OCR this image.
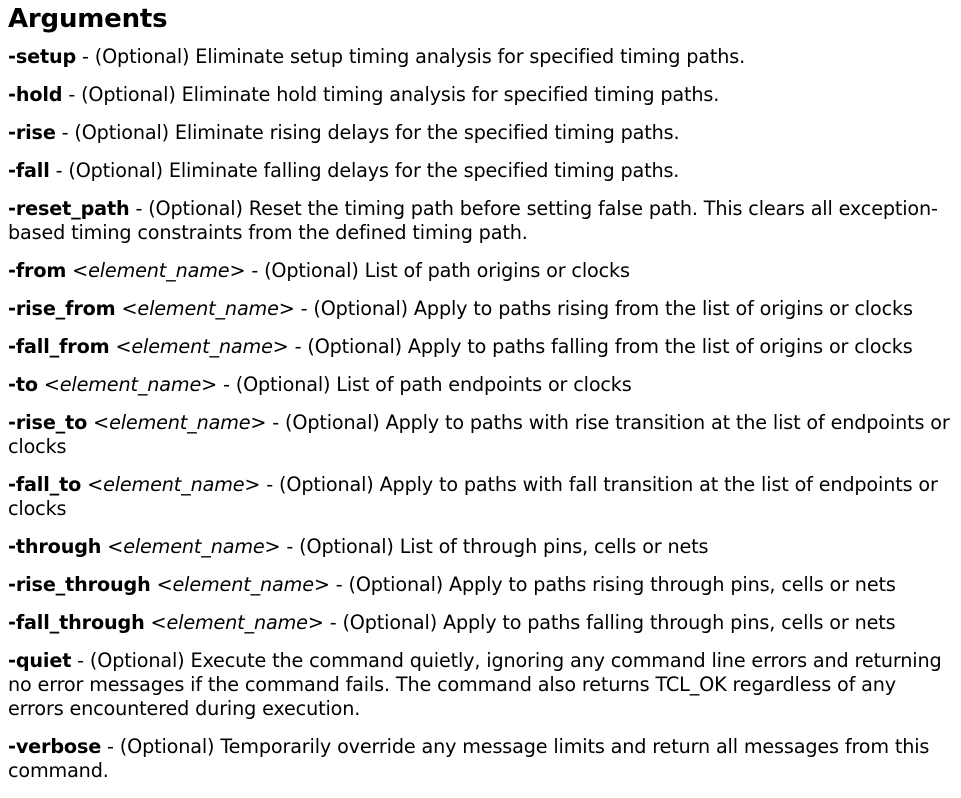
Arguments
-setup - (Optional) Eliminate setup timing analysis for specified timing paths.
-hold - (Optional) Eliminate hold timing analysis for specified timing paths.
-rise - (Optional) Eliminate rising delays for the specified timing paths.
-fall - (Optional) Eliminate falling delays for the specified timing paths.
-reset_path - (Optional) Reset the timing path before setting false path. This clears all exception-based timing constraints from the defined timing path.
-from <element_name> - (Optional) List of path origins or clocks
-rise_from <element_name> - (Optional) Apply to paths rising from the list of origins or clocks
-fall_from <element_name> - (Optional) Apply to paths falling from the list of origins or clocks
-to <element_name> - (Optional) List of path endpoints or clocks
-rise_to <element_name> - (Optional) Apply to paths with rise transition at the list of endpoints or clocks
-fall_to <element_name> - (Optional) Apply to paths with fall transition at the list of endpoints or clocks
-through <element_name> - (Optional) List of through pins, cells or nets
-rise_through <element_name> - (Optional) Apply to paths rising through pins, cells or nets
-fall_through <element_name> - (Optional) Apply to paths falling through pins, cells or nets
-quiet - (Optional) Execute the command quietly, ignoring any command line errors and returning no error messages if the command fails. The command also returns TCL_OK regardless of any errors encountered during execution.
-verbose - (Optional) Temporarily override any message limits and return all messages from this command.
